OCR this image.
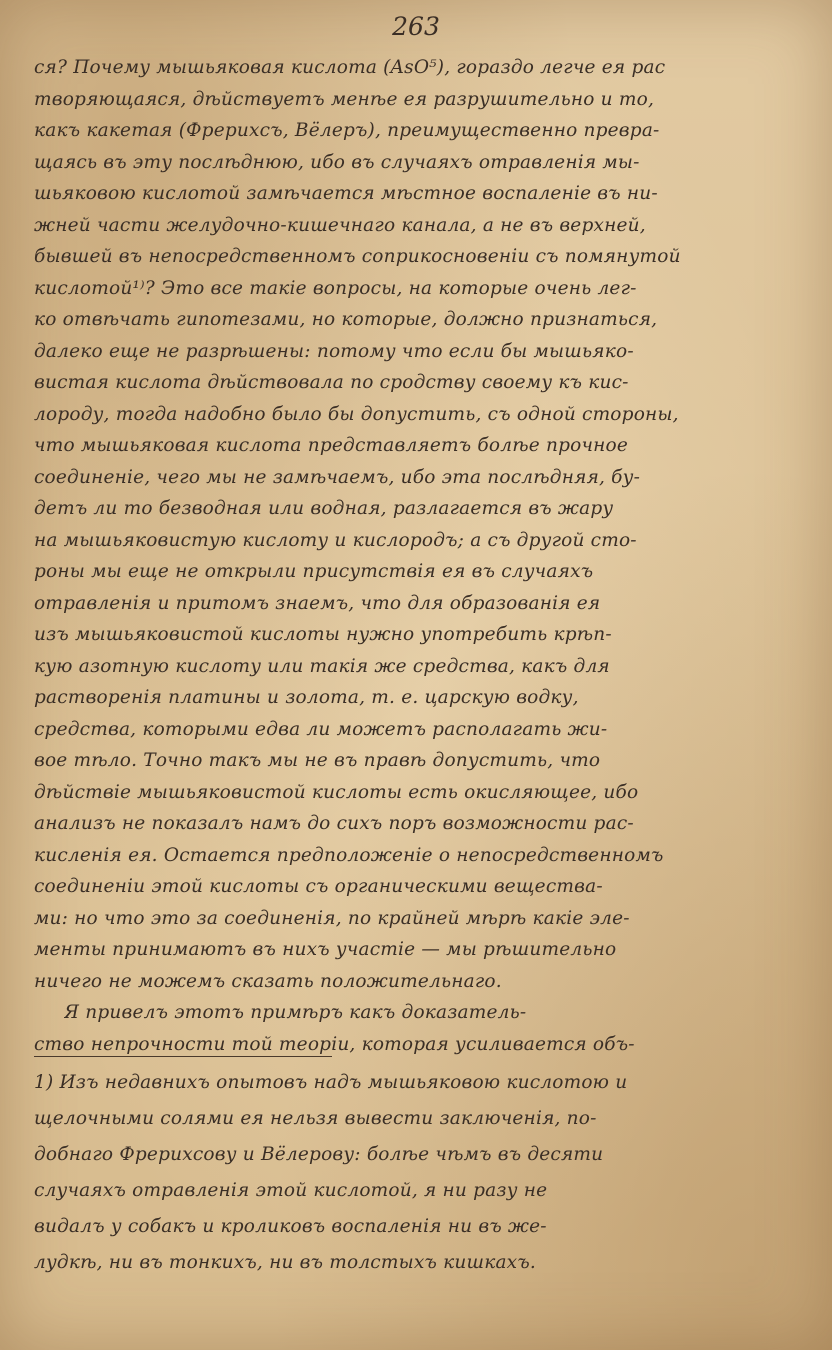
263
ся? Почему мышьяковая кислота (AsO⁵), гораздо легче ея рас
творяющаяся, дѣйствуетъ менѣе ея разрушительно и то,
какъ какетая (Фрерихсъ, Вёлеръ), преимущественно превра-
щаясь въ эту послѣднюю, ибо въ случаяхъ отравленія мы-
шьяковою кислотой замѣчается мѣстное воспаленіе въ ни-
жней части желудочно-кишечнаго канала, а не въ верхней,
бывшей въ непосредственномъ соприкосновеніи съ помянутой
кислотой¹⁾? Это все такіе вопросы, на которые очень лег-
ко отвѣчать гипотезами, но которые, должно признаться,
далеко еще не разрѣшены: потому что если бы мышьяко-
вистая кислота дѣйствовала по сродству своему къ кис-
лороду, тогда надобно было бы допустить, съ одной стороны,
что мышьяковая кислота представляетъ болѣе прочное
соединеніе, чего мы не замѣчаемъ, ибо эта послѣдняя, бу-
детъ ли то безводная или водная, разлагается въ жару
на мышьяковистую кислоту и кислородъ; а съ другой сто-
роны мы еще не открыли присутствія ея въ случаяхъ
отравленія и притомъ знаемъ, что для образованія ея
изъ мышьяковистой кислоты нужно употребить крѣп-
кую азотную кислоту или такія же средства, какъ для
растворенія платины и золота, т. е. царскую водку,
средства, которыми едва ли можетъ располагать жи-
вое тѣло. Точно такъ мы не въ правѣ допустить, что
дѣйствіе мышьяковистой кислоты есть окисляющее, ибо
анализъ не показалъ намъ до сихъ поръ возможности рас-
кисленія ея. Остается предположеніе о непосредственномъ
соединеніи этой кислоты съ органическими вещества-
ми: но что это за соединенія, по крайней мѣрѣ какіе эле-
менты принимаютъ въ нихъ участіе — мы рѣшительно
ничего не можемъ сказать положительнаго.
Я привелъ этотъ примѣръ какъ доказатель-
ство непрочности той теоріи, которая усиливается объ-
1) Изъ недавнихъ опытовъ надъ мышьяковою кислотою и
щелочными солями ея нельзя вывести заключенія, по-
добнаго Фрерихсову и Вёлерову: болѣе чѣмъ въ десяти
случаяхъ отравленія этой кислотой, я ни разу не
видалъ у собакъ и кроликовъ воспаленія ни въ же-
лудкѣ, ни въ тонкихъ, ни въ толстыхъ кишкахъ.
